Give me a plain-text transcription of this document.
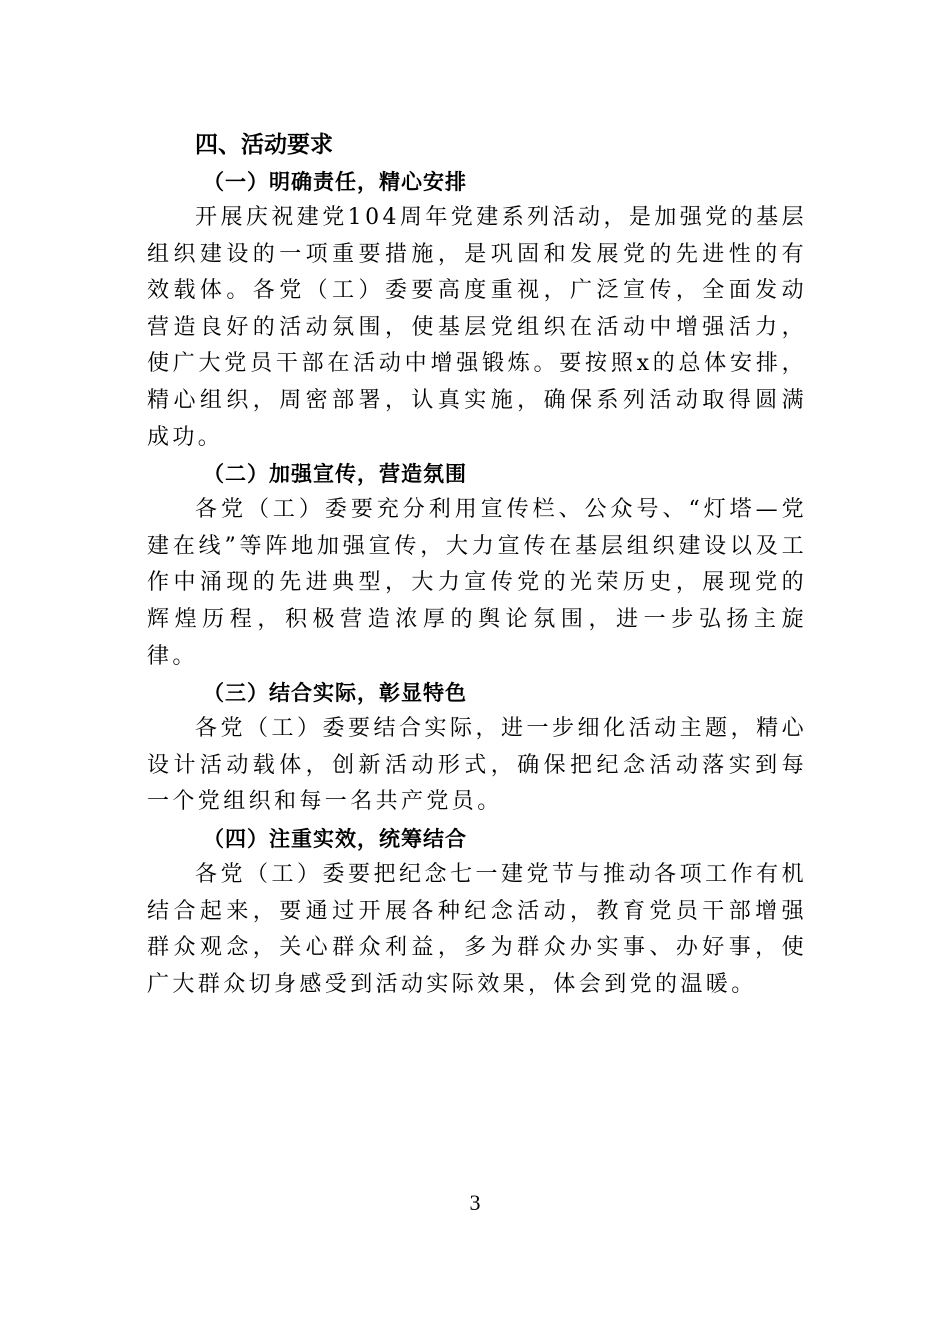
四、活动要求
（一）明确责任，精心安排

开展庆祝建党104周年党建系列活动，是加强党的基层组织建设的一项重要措施，是巩固和发展党的先进性的有效载体。各党（工）委要高度重视，广泛宣传，全面发动营造良好的活动氛围，使基层党组织在活动中增强活力，使广大党员干部在活动中增强锻炼。要按照x的总体安排，精心组织，周密部署，认真实施，确保系列活动取得圆满成功。

（二）加强宣传，营造氛围

各党（工）委要充分利用宣传栏、公众号、“灯塔—党建在线”等阵地加强宣传，大力宣传在基层组织建设以及工作中涌现的先进典型，大力宣传党的光荣历史，展现党的辉煌历程，积极营造浓厚的舆论氛围，进一步弘扬主旋律。

（三）结合实际，彰显特色

各党（工）委要结合实际，进一步细化活动主题，精心设计活动载体，创新活动形式，确保把纪念活动落实到每一个党组织和每一名共产党员。

（四）注重实效，统筹结合

各党（工）委要把纪念七一建党节与推动各项工作有机结合起来，要通过开展各种纪念活动，教育党员干部增强群众观念，关心群众利益，多为群众办实事、办好事，使广大群众切身感受到活动实际效果，体会到党的温暖。

3
